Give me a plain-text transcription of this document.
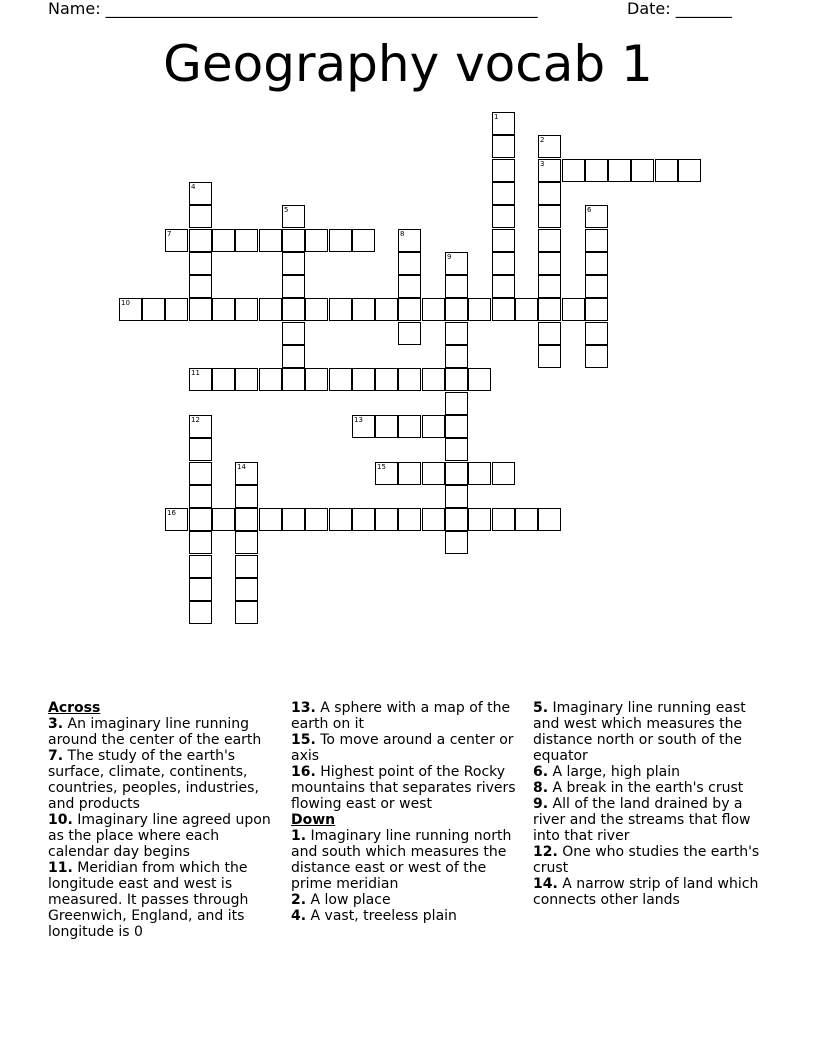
Name: ______________________________________________________	Date: _______
Geography vocab 1
1
2
3
4
5	6
7	8
9
10
11
12	13
14	15
16
Across
3. An imaginary line running around the center of the earth
7. The study of the earth's surface, climate, continents, countries, peoples, industries, and products
10. Imaginary line agreed upon as the place where each calendar day begins
11. Meridian from which the longitude east and west is measured. It passes through Greenwich, England, and its longitude is 0
13. A sphere with a map of the earth on it
15. To move around a center or axis
16. Highest point of the Rocky mountains that separates rivers flowing east or west
Down
1. Imaginary line running north and south which measures the distance east or west of the prime meridian
2. A low place
4. A vast, treeless plain
5. Imaginary line running east and west which measures the distance north or south of the equator
6. A large, high plain
8. A break in the earth's crust
9. All of the land drained by a river and the streams that flow into that river
12. One who studies the earth's crust
14. A narrow strip of land which connects other lands
